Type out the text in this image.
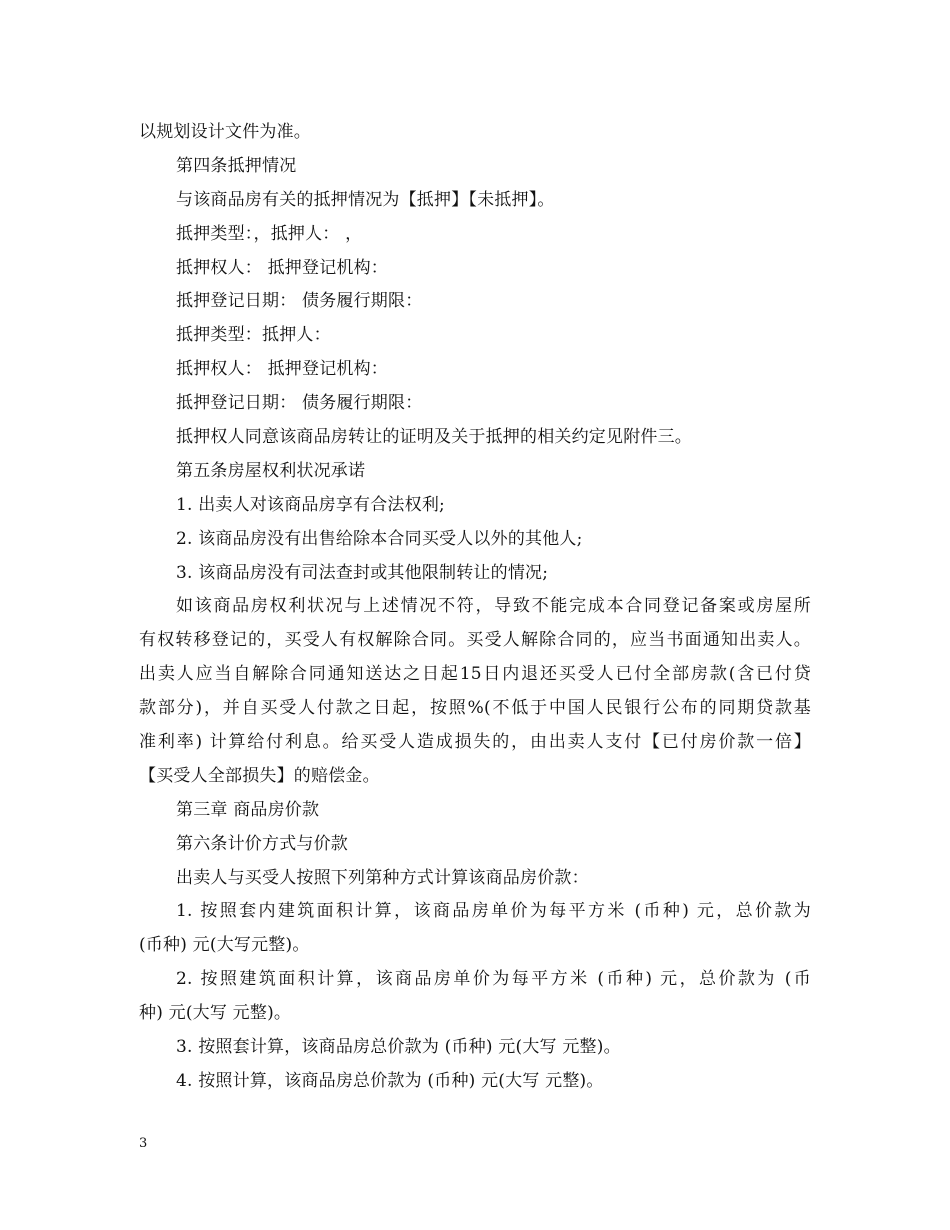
以规划设计文件为准。
第四条抵押情况
与该商品房有关的抵押情况为【抵押】【未抵押】。
抵押类型：，抵押人： ，
抵押权人： 抵押登记机构：
抵押登记日期： 债务履行期限：
抵押类型：抵押人：
抵押权人： 抵押登记机构：
抵押登记日期： 债务履行期限：
抵押权人同意该商品房转让的证明及关于抵押的相关约定见附件三。
第五条房屋权利状况承诺
1. 出卖人对该商品房享有合法权利;
2. 该商品房没有出售给除本合同买受人以外的其他人;
3. 该商品房没有司法查封或其他限制转让的情况;
如该商品房权利状况与上述情况不符，导致不能完成本合同登记备案或房屋所
有权转移登记的，买受人有权解除合同。买受人解除合同的，应当书面通知出卖人。
出卖人应当自解除合同通知送达之日起15日内退还买受人已付全部房款(含已付贷
款部分)，并自买受人付款之日起，按照%(不低于中国人民银行公布的同期贷款基
准利率) 计算给付利息。给买受人造成损失的，由出卖人支付【已付房价款一倍】
【买受人全部损失】的赔偿金。
第三章 商品房价款
第六条计价方式与价款
出卖人与买受人按照下列第种方式计算该商品房价款：
1. 按照套内建筑面积计算，该商品房单价为每平方米 (币种) 元，总价款为
(币种) 元(大写元整)。
2. 按照建筑面积计算，该商品房单价为每平方米 (币种) 元，总价款为 (币
种) 元(大写 元整)。
3. 按照套计算，该商品房总价款为 (币种) 元(大写 元整)。
4. 按照计算，该商品房总价款为 (币种) 元(大写 元整)。
3
